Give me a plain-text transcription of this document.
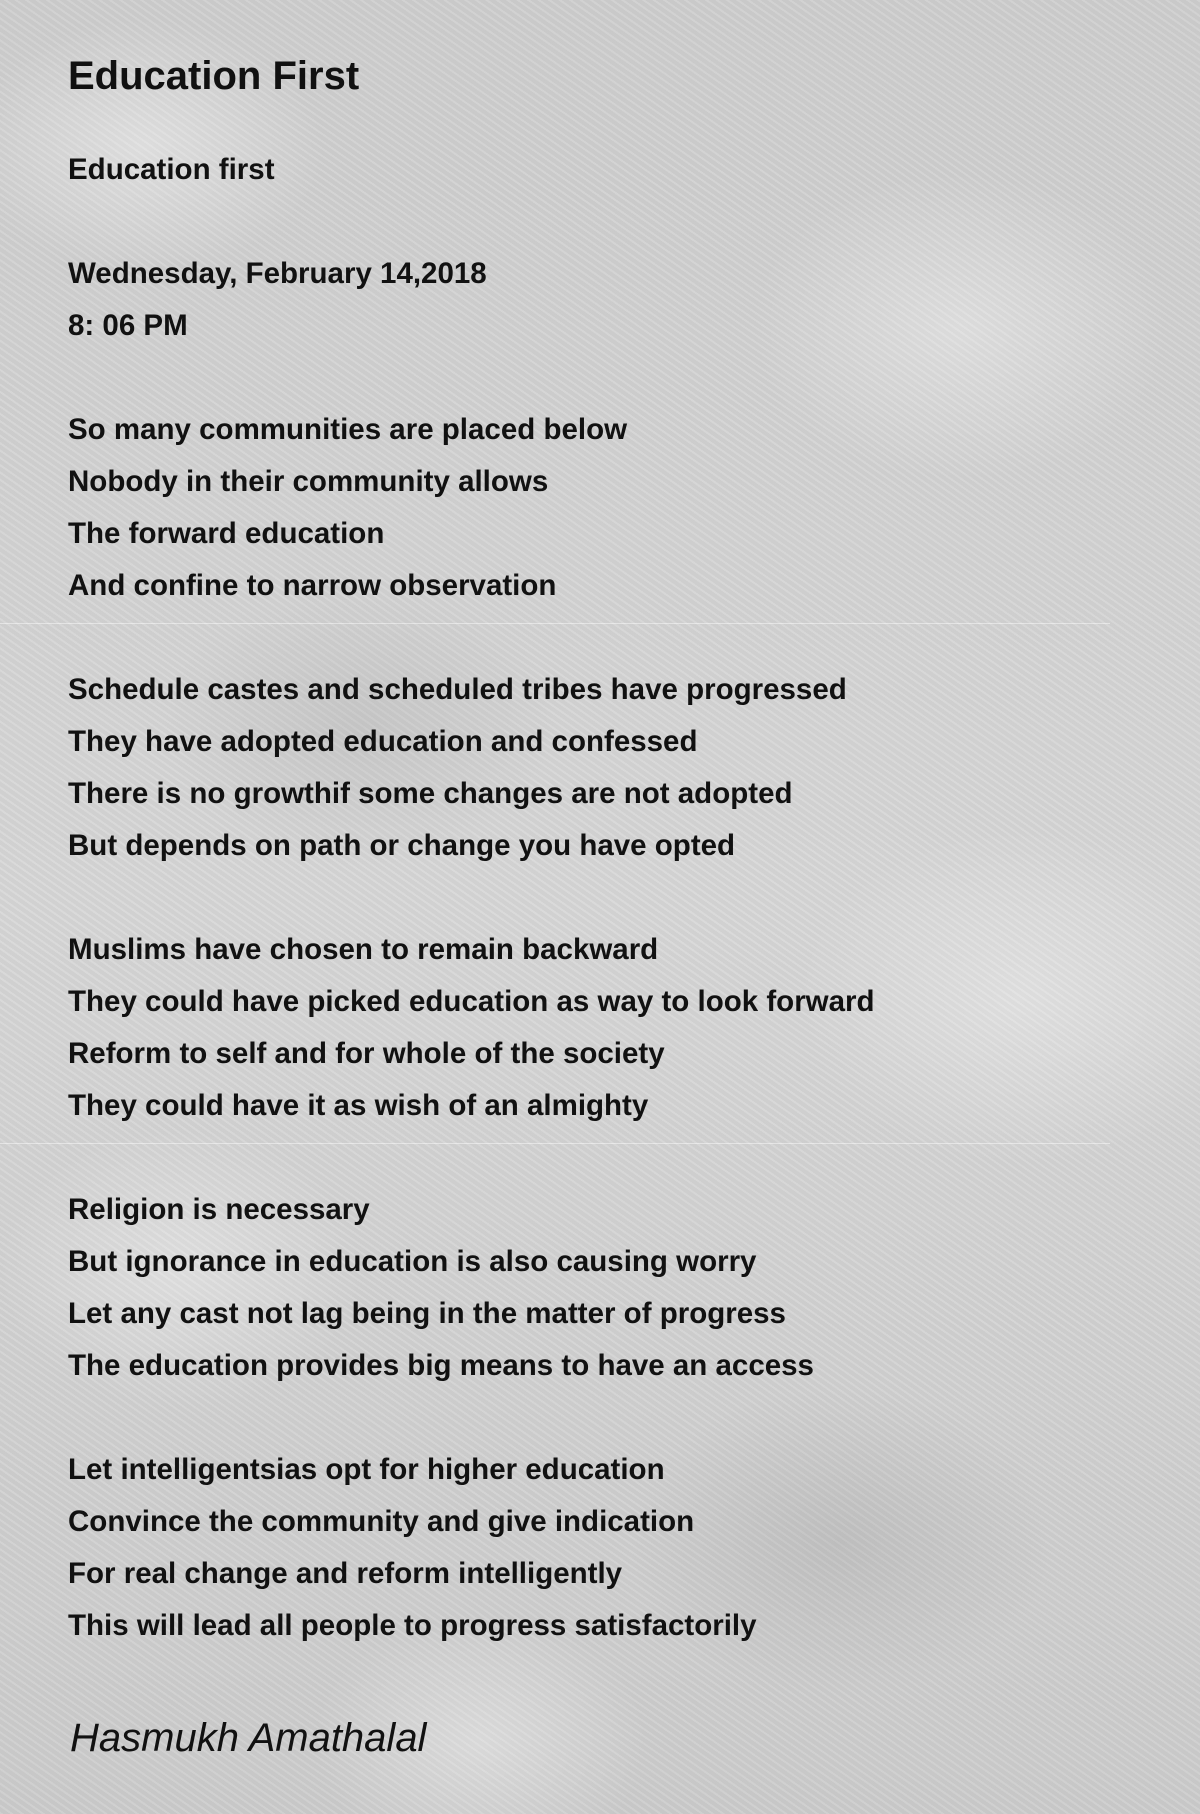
Education First
Education first
Wednesday, February 14,2018
8: 06 PM
So many communities are placed below
Nobody in their community allows
The forward education
And confine to narrow observation
Schedule castes and scheduled tribes have progressed
They have adopted education and confessed
There is no growthif some changes are not adopted
But depends on path or change you have opted
Muslims have chosen to remain backward
They could have picked education as way to look forward
Reform to self and for whole of the society
They could have it as wish of an almighty
Religion is necessary
But ignorance in education is also causing worry
Let any cast not lag being in the matter of progress
The education provides big means to have an access
Let intelligentsias opt for higher education
Convince the community and give indication
For real change and reform intelligently
This will lead all people to progress satisfactorily
Hasmukh Amathalal
